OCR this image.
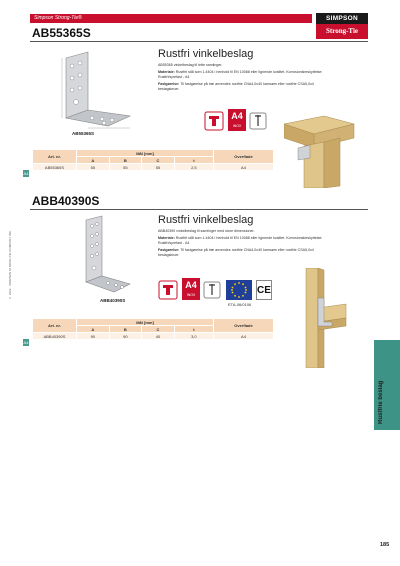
Simpson Strong-Tie®	SIMPSON
Strong-Tie
AB55365S
AB55365S
Rustfri vinkelbeslag

AB55365 vinkelbeslag til lette samlinger.

Materiale: Rustfrit stål som 1.4404 i henhold til EN 10088 eller lignende kvalitet. Korrosionsbeskyttelse: Rustfri/syrefast - A4

Fastgørelse: Til fastgørelse på træ anvendes rustfrie CNA4,0x40 kamsøm eller rustfrie CSA5,0x4 beslagskruer.

A4
INOX
A4
Art. nr.	Mål [mm]				Overflade
	A	B	C	t	
AB55365S	55	55	55	2,5	A4
ABB40390S
ABB40390S
Rustfri vinkelbeslag

ABB40390 vinkelbeslag til samlinger med store dimensioner.

Materiale: Rustfrit stål som 1.4404 i henhold til EN 10088 eller lignende kvalitet. Korrosionsbeskyttelse: Rustfri/syrefast - A4

Fastgørelse: Til fastgørelse på træ anvendes rustfrie CNA4,0x40 kamsøm eller rustfrie CSA5,0x4 beslagskruer.

A4
INOX	CE
ETA-06/0106
A4
Art. nr.	Mål [mm]				Overflade
	A	B	C	t	
ABB40390S	90	90	40	3,0	A4
© 2022 · SIMPSON STRONG-TIE COMPANY INC.
Rustfrie beslag
185
